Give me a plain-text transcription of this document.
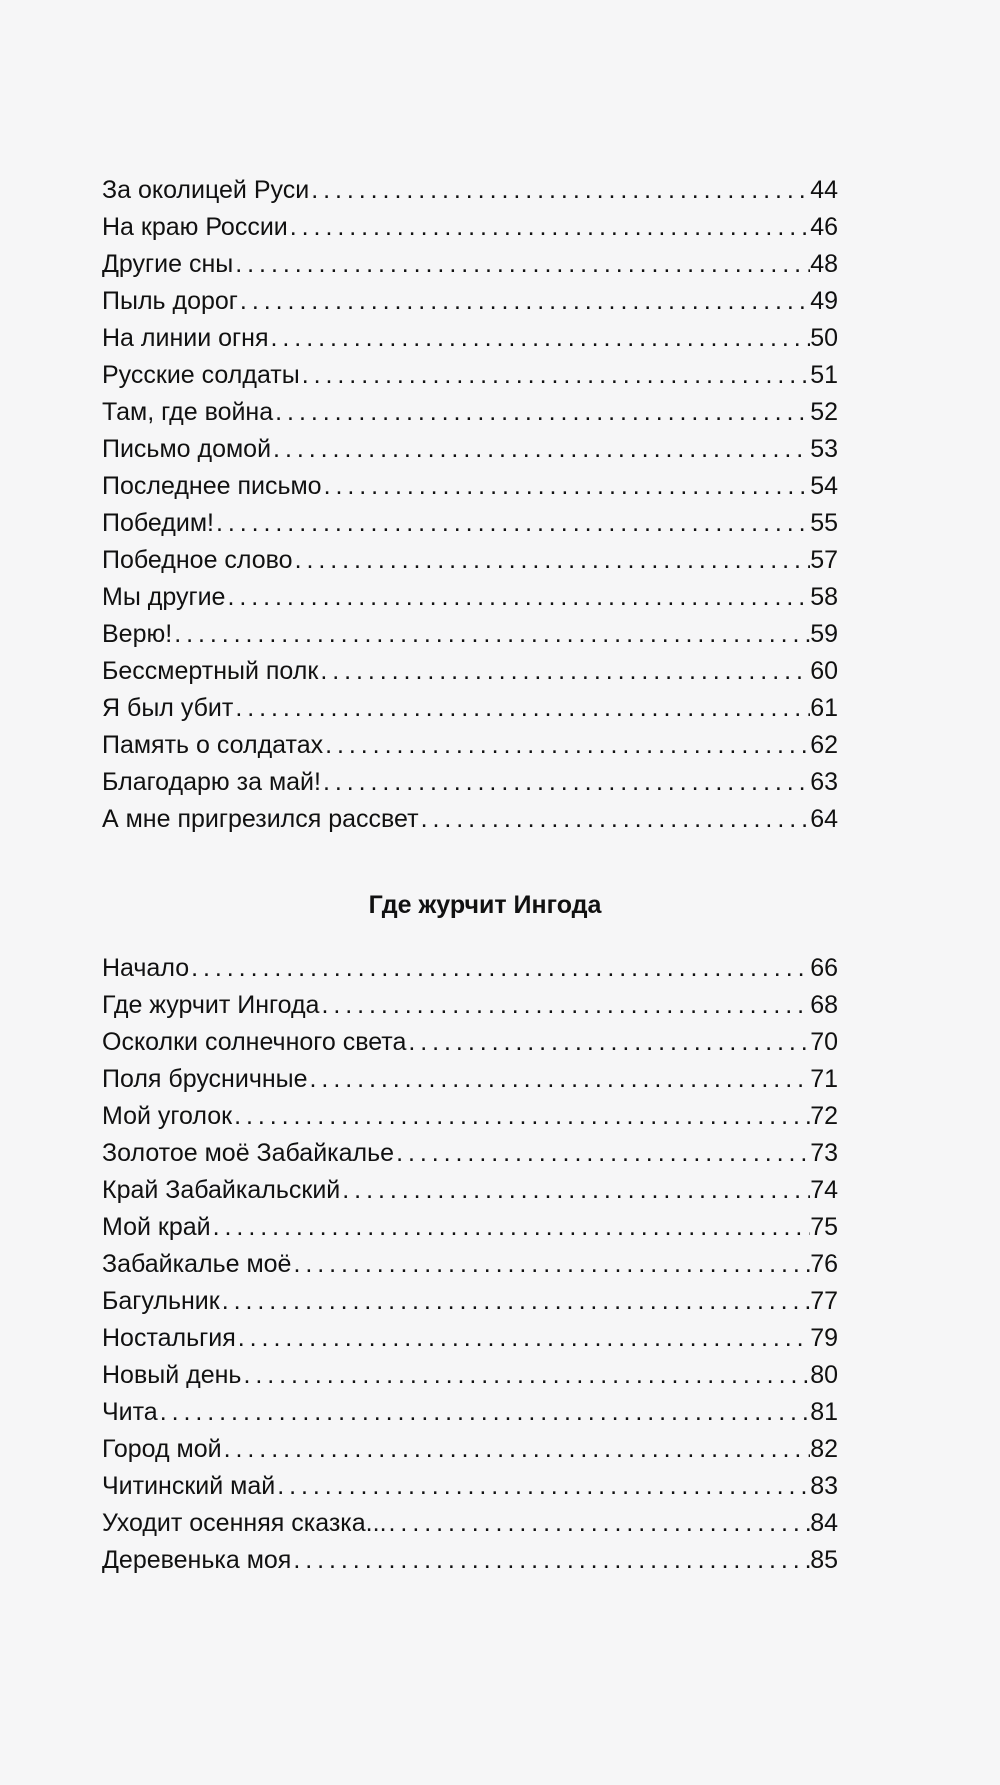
За околицей Руси . . .	44
На краю России . . .	46
Другие сны . . .	48
Пыль дорог . . .	49
На линии огня . . .	50
Русские солдаты . . .	51
Там, где война . . .	52
Письмо домой . . .	53
Последнее письмо . . .	54
Победим! . . .	55
Победное слово . . .	57
Мы другие . . .	58
Верю! . . .	59
Бессмертный полк . . .	60
Я был убит . . .	61
Память о солдатах . . .	62
Благодарю за май! . . .	63
А мне пригрезился рассвет . . .	64
Где журчит Ингода
Начало . . .	66
Где журчит Ингода . . .	68
Осколки солнечного света . . .	70
Поля брусничные . . .	71
Мой уголок . . .	72
Золотое моё Забайкалье . . .	73
Край Забайкальский . . .	74
Мой край . . .	75
Забайкалье моё . . .	76
Багульник . . .	77
Ностальгия . . .	79
Новый день . . .	80
Чита . . .	81
Город мой . . .	82
Читинский май . . .	83
Уходит осенняя сказка... . . .	84
Деревенька моя . . .	85
